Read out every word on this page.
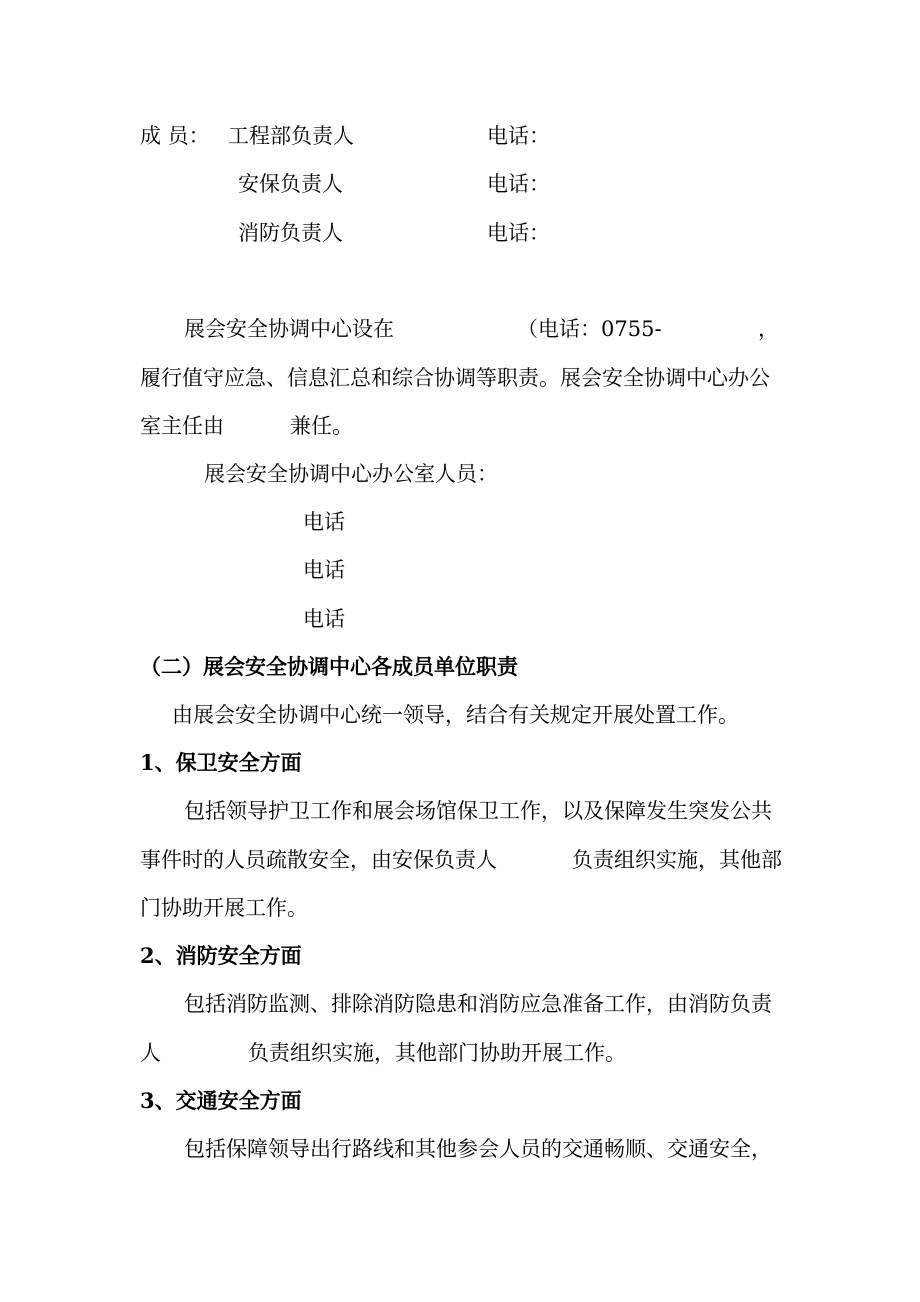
成 员： 工程部负责人	电话：
安保负责人	电话：
消防负责人	电话：
展会安全协调中心设在	（电话：0755-	，
履行值守应急、信息汇总和综合协调等职责。展会安全协调中心办公
室主任由	兼任。
展会安全协调中心办公室人员：
电话
电话
电话
（二）展会安全协调中心各成员单位职责
由展会安全协调中心统一领导，结合有关规定开展处置工作。
1、保卫安全方面
包括领导护卫工作和展会场馆保卫工作，以及保障发生突发公共
事件时的人员疏散安全，由安保负责人	负责组织实施，其他部
门协助开展工作。
2、消防安全方面
包括消防监测、排除消防隐患和消防应急准备工作，由消防负责
人	负责组织实施，其他部门协助开展工作。
3、交通安全方面
包括保障领导出行路线和其他参会人员的交通畅顺、交通安全，
